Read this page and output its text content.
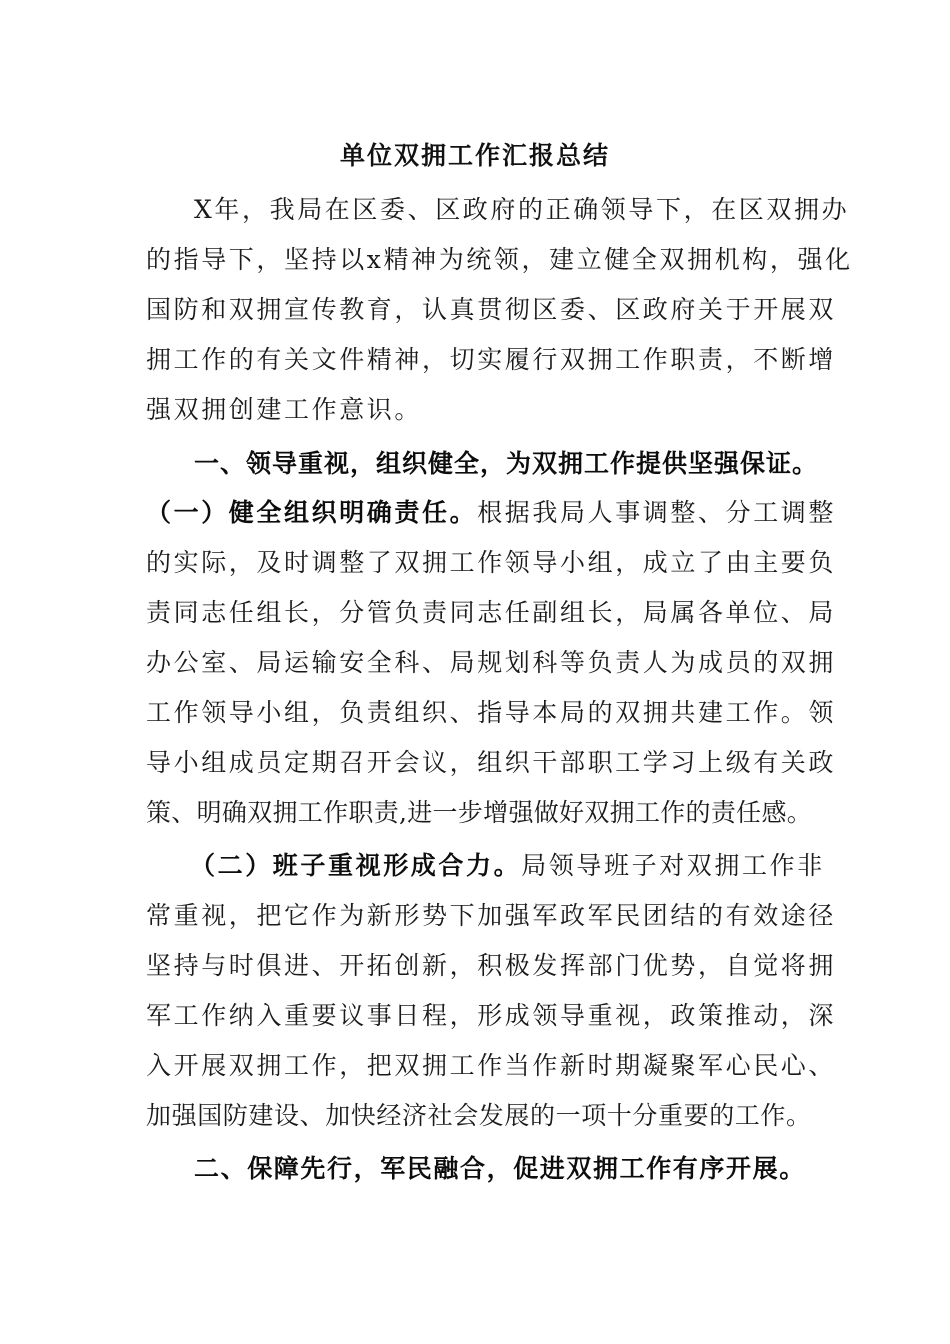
单位双拥工作汇报总结
X年，我局在区委、区政府的正确领导下，在区双拥办
的指导下，坚持以x精神为统领，建立健全双拥机构，强化
国防和双拥宣传教育，认真贯彻区委、区政府关于开展双
拥工作的有关文件精神，切实履行双拥工作职责，不断增
强双拥创建工作意识。
一、领导重视，组织健全，为双拥工作提供坚强保证。
（一）健全组织明确责任。根据我局人事调整、分工调整
的实际，及时调整了双拥工作领导小组，成立了由主要负
责同志任组长，分管负责同志任副组长，局属各单位、局
办公室、局运输安全科、局规划科等负责人为成员的双拥
工作领导小组，负责组织、指导本局的双拥共建工作。领
导小组成员定期召开会议，组织干部职工学习上级有关政
策、明确双拥工作职责,进一步增强做好双拥工作的责任感。
（二）班子重视形成合力。局领导班子对双拥工作非
常重视，把它作为新形势下加强军政军民团结的有效途径
坚持与时俱进、开拓创新，积极发挥部门优势，自觉将拥
军工作纳入重要议事日程，形成领导重视，政策推动，深
入开展双拥工作，把双拥工作当作新时期凝聚军心民心、
加强国防建设、加快经济社会发展的一项十分重要的工作。
二、保障先行，军民融合，促进双拥工作有序开展。
